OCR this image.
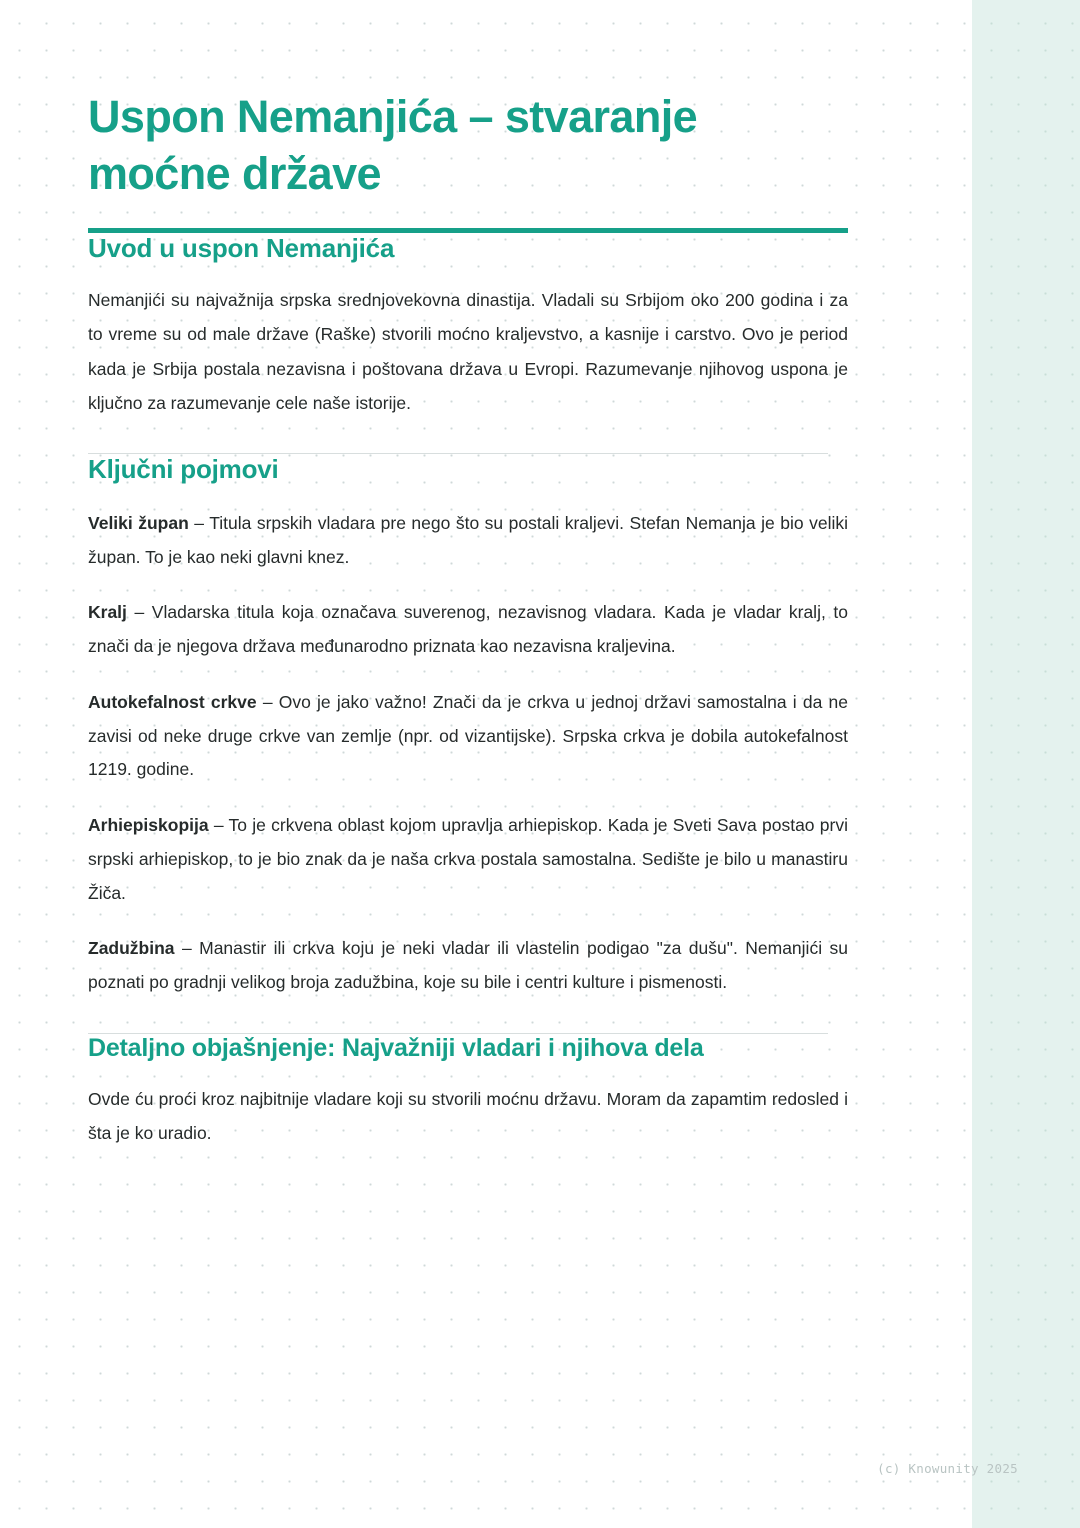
Uspon Nemanjića – stvaranje moćne države
Uvod u uspon Nemanjića

Nemanjići su najvažnija srpska srednjovekovna dinastija. Vladali su Srbijom oko 200 godina i za to vreme su od male države (Raške) stvorili moćno kraljevstvo, a kasnije i carstvo. Ovo je period kada je Srbija postala nezavisna i poštovana država u Evropi. Razumevanje njihovog uspona je ključno za razumevanje cele naše istorije.

Ključni pojmovi

Veliki župan – Titula srpskih vladara pre nego što su postali kraljevi. Stefan Nemanja je bio veliki župan. To je kao neki glavni knez.

Kralj – Vladarska titula koja označava suverenog, nezavisnog vladara. Kada je vladar kralj, to znači da je njegova država međunarodno priznata kao nezavisna kraljevina.

Autokefalnost crkve – Ovo je jako važno! Znači da je crkva u jednoj državi samostalna i da ne zavisi od neke druge crkve van zemlje (npr. od vizantijske). Srpska crkva je dobila autokefalnost 1219. godine.

Arhiepiskopija – To je crkvena oblast kojom upravlja arhiepiskop. Kada je Sveti Sava postao prvi srpski arhiepiskop, to je bio znak da je naša crkva postala samostalna. Sedište je bilo u manastiru Žiča.

Zadužbina – Manastir ili crkva koju je neki vladar ili vlastelin podigao "za dušu". Nemanjići su poznati po gradnji velikog broja zadužbina, koje su bile i centri kulture i pismenosti.

Detaljno objašnjenje: Najvažniji vladari i njihova dela

Ovde ću proći kroz najbitnije vladare koji su stvorili moćnu državu. Moram da zapamtim redosled i šta je ko uradio.

(c) Knowunity 2025
